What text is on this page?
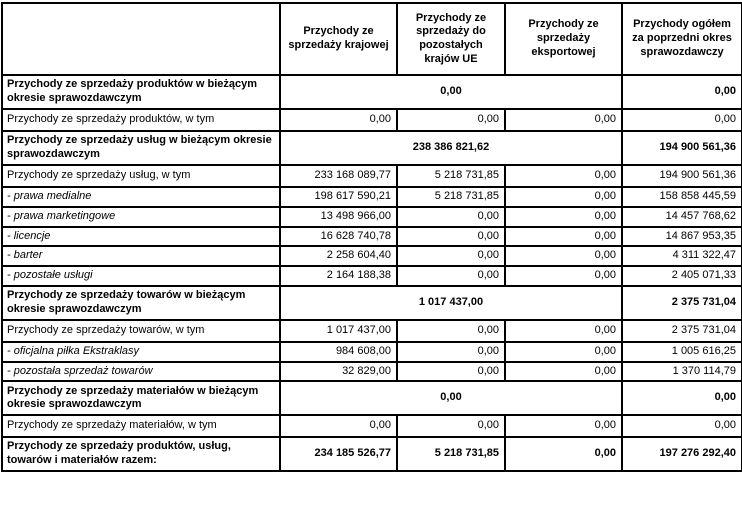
	Przychody ze sprzedaży krajowej	Przychody ze sprzedaży do pozostałych krajów UE	Przychody ze sprzedaży eksportowej	Przychody ogółem za poprzedni okres sprawozdawczy
Przychody ze sprzedaży produktów w bieżącym okresie sprawozdawczym	0,00			0,00
Przychody ze sprzedaży produktów, w tym	0,00	0,00	0,00	0,00
Przychody ze sprzedaży usług w bieżącym okresie sprawozdawczym	238 386 821,62			194 900 561,36
Przychody ze sprzedaży usług, w tym	233 168 089,77	5 218 731,85	0,00	194 900 561,36
- prawa medialne	198 617 590,21	5 218 731,85	0,00	158 858 445,59
- prawa marketingowe	13 498 966,00	0,00	0,00	14 457 768,62
- licencje	16 628 740,78	0,00	0,00	14 867 953,35
- barter	2 258 604,40	0,00	0,00	4 311 322,47
- pozostałe usługi	2 164 188,38	0,00	0,00	2 405 071,33
Przychody ze sprzedaży towarów w bieżącym okresie sprawozdawczym	1 017 437,00			2 375 731,04
Przychody ze sprzedaży towarów, w tym	1 017 437,00	0,00	0,00	2 375 731,04
- oficjalna piłka Ekstraklasy	984 608,00	0,00	0,00	1 005 616,25
- pozostała sprzedaż towarów	32 829,00	0,00	0,00	1 370 114,79
Przychody ze sprzedaży materiałów w bieżącym okresie sprawozdawczym	0,00			0,00
Przychody ze sprzedaży materiałów, w tym	0,00	0,00	0,00	0,00
Przychody ze sprzedaży produktów, usług, towarów i materiałów razem:	234 185 526,77	5 218 731,85	0,00	197 276 292,40
